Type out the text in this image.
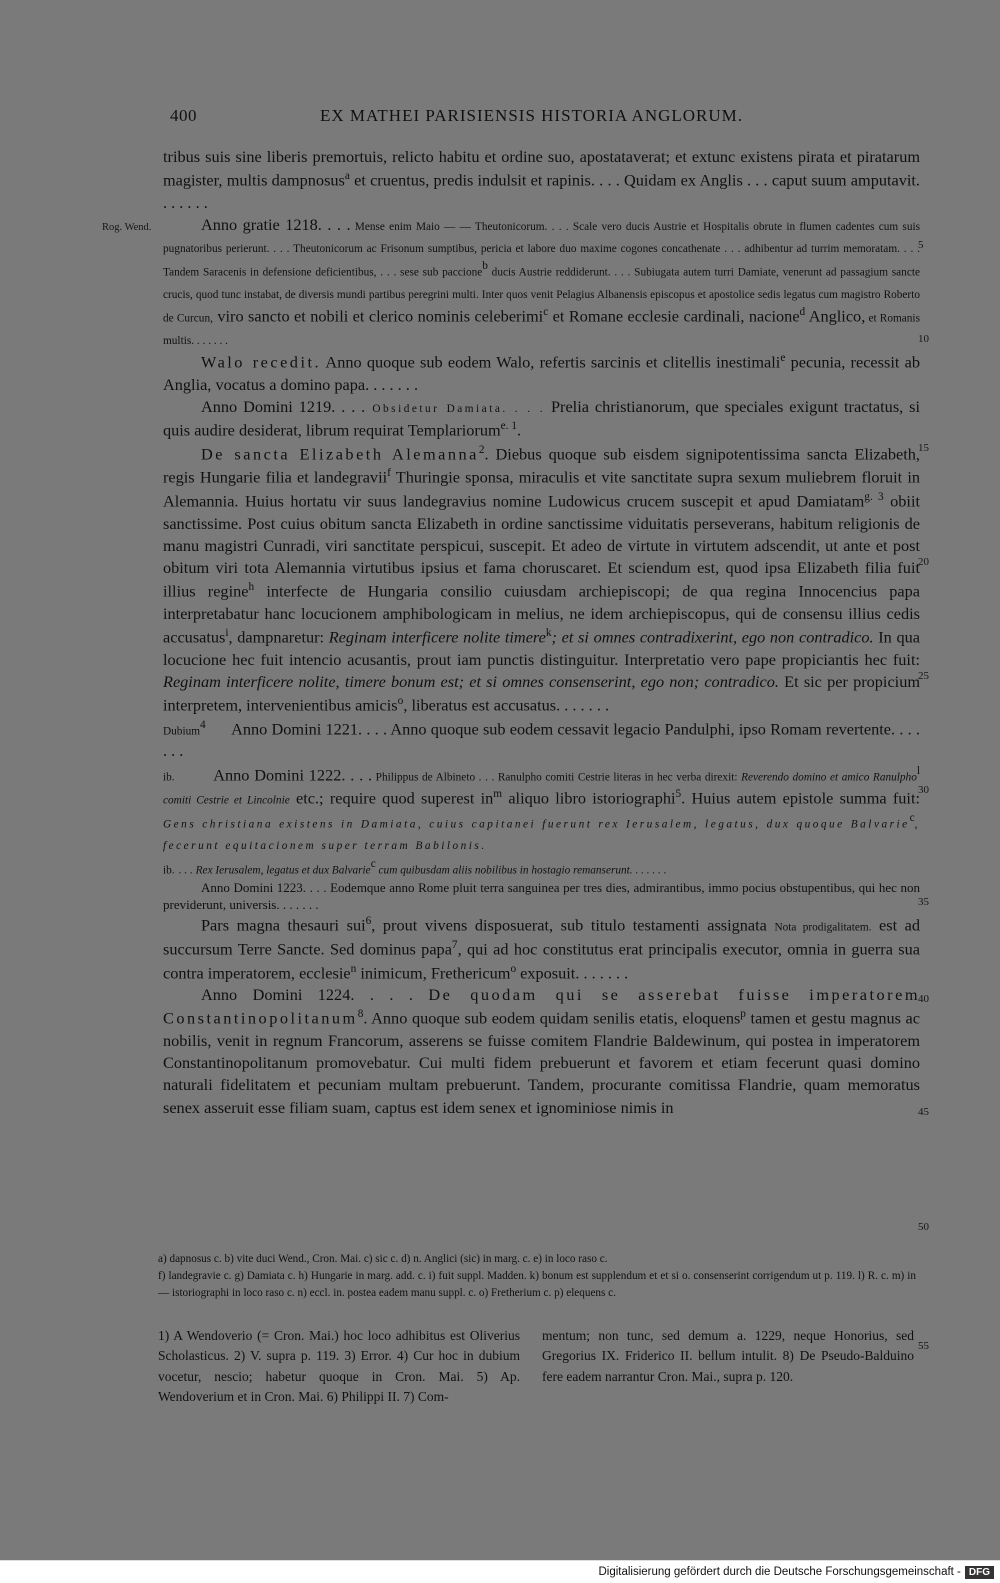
400	EX MATHEI PARISIENSIS HISTORIA ANGLORUM.
Rog. Wend.
5
10
15
20
25
30
35
40
45
50
55

tribus suis sine liberis premortuis, relicto habitu et ordine suo, apostataverat; et extunc existens pirata et piratarum magister, multis dampnosus$^a$ et cruentus, predis indulsit et rapinis. . . . Quidam ex Anglis . . . caput suum amputavit. . . . . . .

Anno gratie 1218. . . . Mense enim Maio — — Theutonicorum. . . . Scale vero ducis Austrie et Hospitalis obrute in flumen cadentes cum suis pugnatoribus perierunt. . . . Theutonicorum ac Frisonum sumptibus, pericia et labore duo maxime cogones concathenate . . . adhibentur ad turrim memoratam. . . . Tandem Saracenis in defensione deficientibus, . . . sese sub paccione$^b$ ducis Austrie reddiderunt. . . . Subiugata autem turri Damiate, venerunt ad passagium sancte crucis, quod tunc instabat, de diversis mundi partibus peregrini multi. Inter quos venit Pelagius Albanensis episcopus et apostolice sedis legatus cum magistro Roberto de Curcun, viro sancto et nobili et clerico nominis celeberimi$^c$ et Romane ecclesie cardinali, nacione$^d$ Anglico, et Romanis multis. . . . . . .

Walo recedit. Anno quoque sub eodem Walo, refertis sarcinis et clitellis inestimali$^e$ pecunia, recessit ab Anglia, vocatus a domino papa. . . . . . .

Anno Domini 1219. . . . Obsidetur Damiata. . . . Prelia christianorum, que speciales exigunt tractatus, si quis audire desiderat, librum requirat Templariorum$^{e. 1}$.

De sancta Elizabeth Alemanna$^2$. Diebus quoque sub eisdem signipotentissima sancta Elizabeth, regis Hungarie filia et landegravii$^f$ Thuringie sponsa, miraculis et vite sanctitate supra sexum muliebrem floruit in Alemannia. Huius hortatu vir suus landegravius nomine Ludowicus crucem suscepit et apud Damiatam$^{g. 3}$ obiit sanctissime. Post cuius obitum sancta Elizabeth in ordine sanctissime viduitatis perseverans, habitum religionis de manu magistri Cunradi, viri sanctitate perspicui, suscepit. Et adeo de virtute in virtutem adscendit, ut ante et post obitum viri tota Alemannia virtutibus ipsius et fama choruscaret. Et sciendum est, quod ipsa Elizabeth filia fuit illius regine$^h$ interfecte de Hungaria consilio cuiusdam archiepiscopi; de qua regina Innocencius papa interpretabatur hanc locucionem amphibologicam in melius, ne idem archiepiscopus, qui de consensu illius cedis accusatus$^i$, dampnaretur: Reginam interficere nolite timere$^k$; et si omnes contradixerint, ego non contradico. In qua locucione hec fuit intencio acusantis, prout iam punctis distinguitur. Interpretatio vero pape propiciantis hec fuit: Reginam interficere nolite, timere bonum est; et si omnes consenserint, ego non; contradico. Et sic per propicium interpretem, intervenientibus amicis$^o$, liberatus est accusatus. . . . . . .

Dubium$^4$ Anno Domini 1221. . . . Anno quoque sub eodem cessavit legacio Pandulphi, ipso Romam revertente. . . . . . .

ib. Anno Domini 1222. . . . Philippus de Albineto . . . Ranulpho comiti Cestrie literas in hec verba direxit: Reverendo domino et amico Ranulpho$^l$ comiti Cestrie et Lincolnie etc.; require quod superest $in^m$ aliquo libro istoriographi$^5$. Huius autem epistole summa fuit: Gens christiana existens in Damiata, cuius capitanei fuerunt rex Ierusalem, legatus, dux quoque Balvarie$^c$, fecerunt equitacionem super terram Babilonis.

ib. . . . Rex Ierusalem, legatus et dux Balvarie$^c$ cum quibusdam aliis nobilibus in hostagio remanserunt. . . . . . .

Anno Domini 1223. . . . Eodemque anno Rome pluit terra sanguinea per tres dies, admirantibus, immo pocius obstupentibus, qui hec non previderunt, universis. . . . . . .

Pars magna thesauri sui$^6$, prout vivens disposuerat, sub titulo testamenti assignata Nota prodigalitatem. est ad succursum Terre Sancte. Sed dominus papa$^7$, qui ad hoc constitutus erat principalis executor, omnia in guerra sua contra imperatorem, ecclesie$^n$ inimicum, Frethericum$^o$ exposuit. . . . . . .

Anno Domini 1224. . . . De quodam qui se asserebat fuisse imperatorem Constantinopolitanum$^8$. Anno quoque sub eodem quidam senilis etatis, eloquens$^p$ tamen et gestu magnus ac nobilis, venit in regnum Francorum, asserens se fuisse comitem Flandrie Baldewinum, qui postea in imperatorem Constantinopolitanum promovebatur. Cui multi fidem prebuerunt et favorem et etiam fecerunt quasi domino naturali fidelitatem et pecuniam multam prebuerunt. Tandem, procurante comitissa Flandrie, quam memoratus senex asseruit esse filiam suam, captus est idem senex et ignominiose nimis in

a) dapnosus c. b) vite duci Wend., Cron. Mai. c) sic c. d) n. Anglici (sic) in marg. c. e) in loco raso c.

f) landegravie c. g) Damiata c. h) Hungarie in marg. add. c. i) fuit suppl. Madden. k) bonum est supplendum et et si o. consenserint corrigendum ut p. 119. l) R. c. m) in — istoriographi in loco raso c. n) eccl. in. postea eadem manu suppl. c. o) Fretherium c. p) elequens c.

1) A Wendoverio (= Cron. Mai.) hoc loco adhibitus est Oliverius Scholasticus. 2) V. supra p. 119. 3) Error. 4) Cur hoc in dubium vocetur, nescio; habetur quoque in Cron. Mai. 5) Ap. Wendoverium et in Cron. Mai. 6) Philippi II. 7) Com-
mentum; non tunc, sed demum a. 1229, neque Honorius, sed Gregorius IX. Friderico II. bellum intulit. 8) De Pseudo-Balduino fere eadem narrantur Cron. Mai., supra p. 120.
Digitalisierung gefördert durch die Deutsche Forschungsgemeinschaft - DFG
